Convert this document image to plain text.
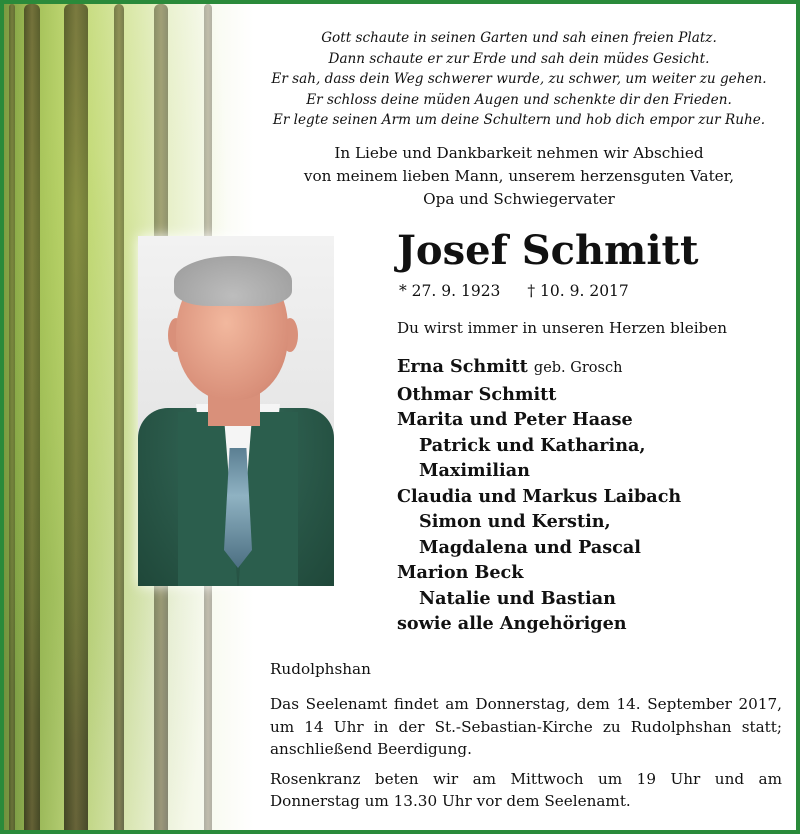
Gott schaute in seinen Garten und sah einen freien Platz.
Dann schaute er zur Erde und sah dein müdes Gesicht.
Er sah, dass dein Weg schwerer wurde, zu schwer, um weiter zu gehen.
Er schloss deine müden Augen und schenkte dir den Frieden.
Er legte seinen Arm um deine Schultern und hob dich empor zur Ruhe.
In Liebe und Dankbarkeit nehmen wir Abschied
von meinem lieben Mann, unserem herzensguten Vater,
Opa und Schwiegervater
Josef Schmitt
* 27. 9. 1923 † 10. 9. 2017
Du wirst immer in unseren Herzen bleiben
Erna Schmitt geb. Grosch
Othmar Schmitt
Marita und Peter Haase
Patrick und Katharina,
Maximilian
Claudia und Markus Laibach
Simon und Kerstin,
Magdalena und Pascal
Marion Beck
Natalie und Bastian
sowie alle Angehörigen
Rudolphshan

Das Seelenamt findet am Donnerstag, dem 14. September 2017, um 14 Uhr in der St.-Sebastian-Kirche zu Rudolphshan statt; anschließend Beerdigung.

Rosenkranz beten wir am Mittwoch um 19 Uhr und am Donnerstag um 13.30 Uhr vor dem Seelenamt.
